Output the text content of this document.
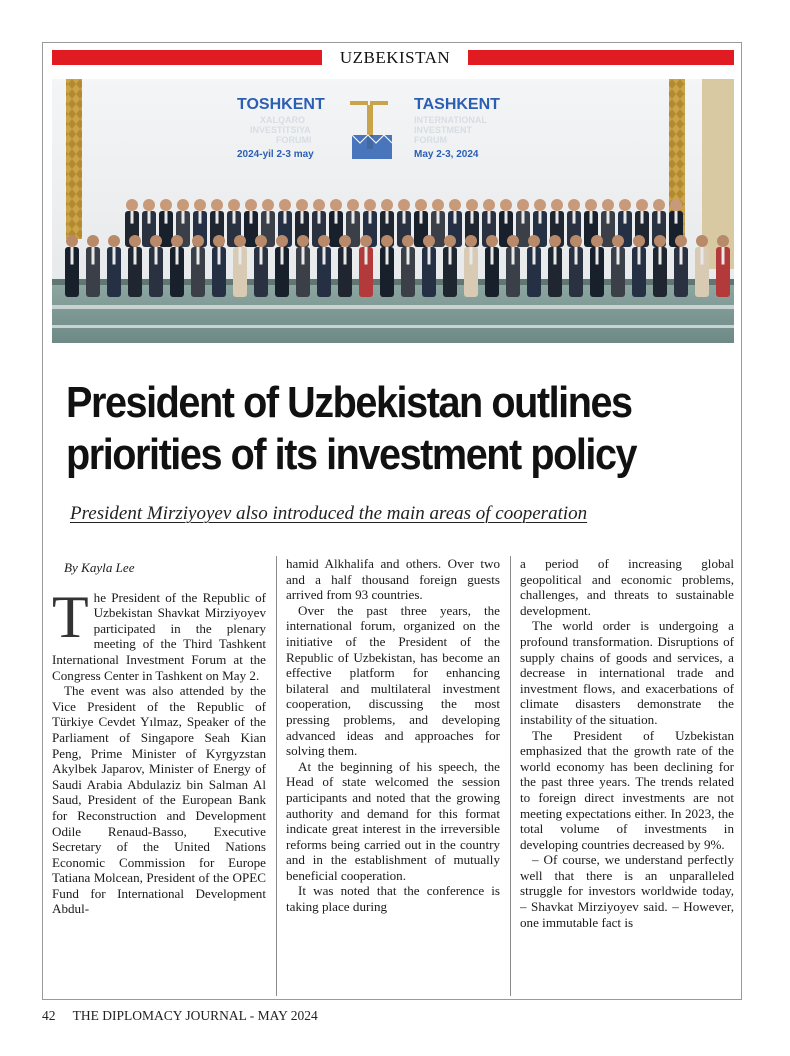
UZBEKISTAN
TOSHKENT
XALQARO
INVESTITSIYA
FORUMI
2024-yil 2-3 may
TASHKENT
INTERNATIONAL
INVESTMENT
FORUM
May 2-3, 2024
President of Uzbekistan outlines
priorities of its investment policy

President Mirziyoyev also introduced the main areas of cooperation

By Kayla Lee

The President of the Republic of Uzbekistan Shavkat Mirziyoyev participated in the plenary meeting of the Third Tashkent International Investment Forum at the Congress Center in Tashkent on May 2.

The event was also attended by the Vice President of the Republic of Türkiye Cevdet Yılmaz, Speaker of the Parliament of Singapore Seah Kian Peng, Prime Minister of Kyrgyzstan Akylbek Japarov, Minister of Energy of Saudi Arabia Abdulaziz bin Salman Al Saud, President of the European Bank for Reconstruction and Development Odile Renaud-Basso, Executive Secretary of the United Nations Economic Commission for Europe Tatiana Molcean, President of the OPEC Fund for International Development Abdul-

hamid Alkhalifa and others. Over two and a half thousand foreign guests arrived from 93 countries.

Over the past three years, the international forum, organized on the initiative of the President of the Republic of Uzbekistan, has become an effective platform for enhancing bilateral and multilateral investment cooperation, discussing the most pressing problems, and developing advanced ideas and approaches for solving them.

At the beginning of his speech, the Head of state welcomed the session participants and noted that the growing authority and demand for this format indicate great interest in the irreversible reforms being carried out in the country and in the establishment of mutually beneficial cooperation.

It was noted that the conference is taking place during

a period of increasing global geopolitical and economic problems, challenges, and threats to sustainable development.

The world order is undergoing a profound transformation. Disruptions of supply chains of goods and services, a decrease in international trade and investment flows, and exacerbations of climate disasters demonstrate the instability of the situation.

The President of Uzbekistan emphasized that the growth rate of the world economy has been declining for the past three years. The trends related to foreign direct investments are not meeting expectations either. In 2023, the total volume of investments in developing countries decreased by 9%.

– Of course, we understand perfectly well that there is an unparalleled struggle for investors worldwide today, – Shavkat Mirziyoyev said. – However, one immutable fact is

42 THE DIPLOMACY JOURNAL - MAY 2024
